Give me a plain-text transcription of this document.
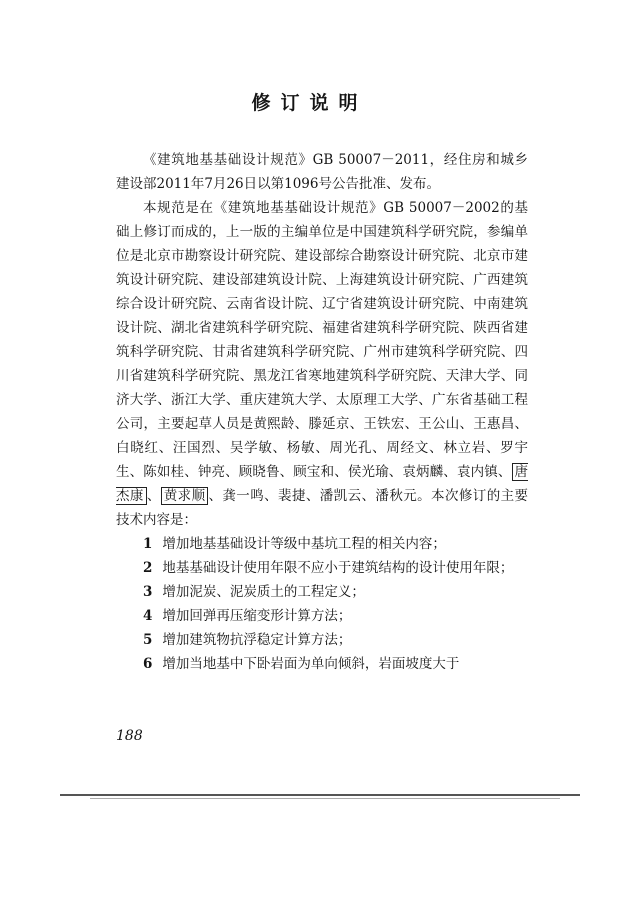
修订说明

《建筑地基基础设计规范》GB 50007－2011，经住房和城乡建设部2011年7月26日以第1096号公告批准、发布。

本规范是在《建筑地基基础设计规范》GB 50007－2002的基础上修订而成的，上一版的主编单位是中国建筑科学研究院，参编单位是北京市勘察设计研究院、建设部综合勘察设计研究院、北京市建筑设计研究院、建设部建筑设计院、上海建筑设计研究院、广西建筑综合设计研究院、云南省设计院、辽宁省建筑设计研究院、中南建筑设计院、湖北省建筑科学研究院、福建省建筑科学研究院、陕西省建筑科学研究院、甘肃省建筑科学研究院、广州市建筑科学研究院、四川省建筑科学研究院、黑龙江省寒地建筑科学研究院、天津大学、同济大学、浙江大学、重庆建筑大学、太原理工大学、广东省基础工程公司，主要起草人员是黄熙龄、滕延京、王铁宏、王公山、王惠昌、白晓红、汪国烈、吴学敏、杨敏、周光孔、周经文、林立岩、罗宇生、陈如桂、钟亮、顾晓鲁、顾宝和、侯光瑜、袁炳麟、袁内镇、 唐杰康 、 黄求顺 、龚一鸣、裴捷、潘凯云、潘秋元。本次修订的主要技术内容是：

1 增加地基基础设计等级中基坑工程的相关内容；

2 地基基础设计使用年限不应小于建筑结构的设计使用年限；

3 增加泥炭、泥炭质土的工程定义；

4 增加回弹再压缩变形计算方法；

5 增加建筑物抗浮稳定计算方法；

6 增加当地基中下卧岩面为单向倾斜，岩面坡度大于

188
